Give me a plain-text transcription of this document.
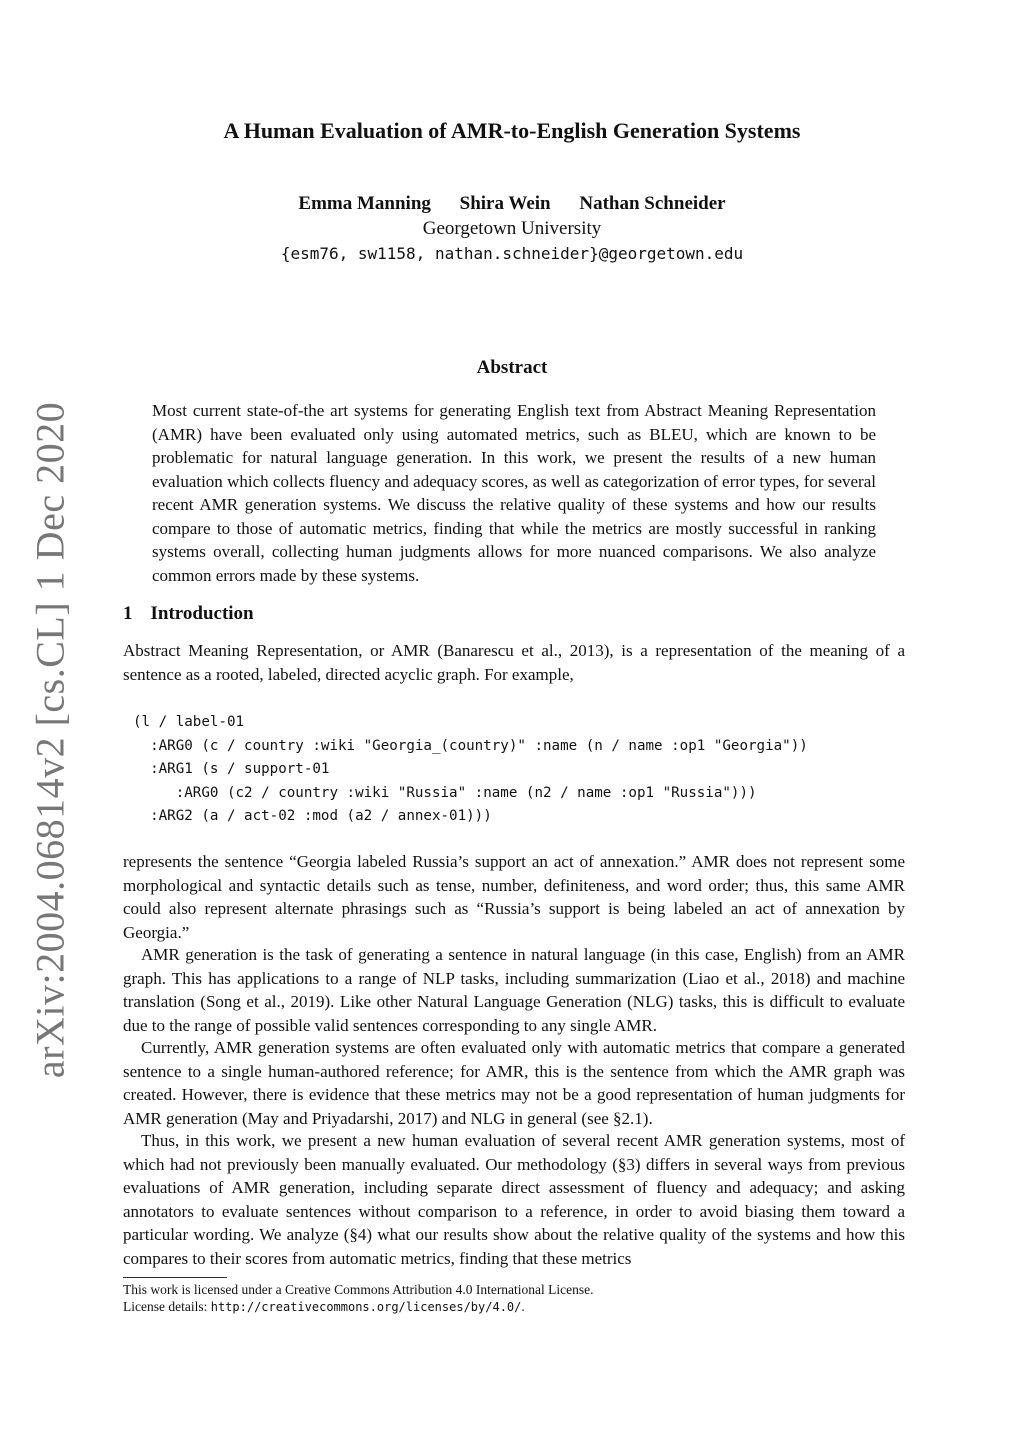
arXiv:2004.06814v2 [cs.CL] 1 Dec 2020
A Human Evaluation of AMR-to-English Generation Systems
Emma Manning Shira Wein Nathan Schneider
Georgetown University
{esm76, sw1158, nathan.schneider}@georgetown.edu
Abstract

Most current state-of-the art systems for generating English text from Abstract Meaning Representation (AMR) have been evaluated only using automated metrics, such as BLEU, which are known to be problematic for natural language generation. In this work, we present the results of a new human evaluation which collects fluency and adequacy scores, as well as categorization of error types, for several recent AMR generation systems. We discuss the relative quality of these systems and how our results compare to those of automatic metrics, finding that while the metrics are mostly successful in ranking systems overall, collecting human judgments allows for more nuanced comparisons. We also analyze common errors made by these systems.

1 Introduction

Abstract Meaning Representation, or AMR (Banarescu et al., 2013), is a representation of the meaning of a sentence as a rooted, labeled, directed acyclic graph. For example,

(l / label-01
:ARG0 (c / country :wiki "Georgia_(country)" :name (n / name :op1 "Georgia"))
:ARG1 (s / support-01
:ARG0 (c2 / country :wiki "Russia" :name (n2 / name :op1 "Russia")))
:ARG2 (a / act-02 :mod (a2 / annex-01)))

represents the sentence “Georgia labeled Russia’s support an act of annexation.” AMR does not represent some morphological and syntactic details such as tense, number, definiteness, and word order; thus, this same AMR could also represent alternate phrasings such as “Russia’s support is being labeled an act of annexation by Georgia.”

AMR generation is the task of generating a sentence in natural language (in this case, English) from an AMR graph. This has applications to a range of NLP tasks, including summarization (Liao et al., 2018) and machine translation (Song et al., 2019). Like other Natural Language Generation (NLG) tasks, this is difficult to evaluate due to the range of possible valid sentences corresponding to any single AMR.

Currently, AMR generation systems are often evaluated only with automatic metrics that compare a generated sentence to a single human-authored reference; for AMR, this is the sentence from which the AMR graph was created. However, there is evidence that these metrics may not be a good representation of human judgments for AMR generation (May and Priyadarshi, 2017) and NLG in general (see §2.1).

Thus, in this work, we present a new human evaluation of several recent AMR generation systems, most of which had not previously been manually evaluated. Our methodology (§3) differs in several ways from previous evaluations of AMR generation, including separate direct assessment of fluency and adequacy; and asking annotators to evaluate sentences without comparison to a reference, in order to avoid biasing them toward a particular wording. We analyze (§4) what our results show about the relative quality of the systems and how this compares to their scores from automatic metrics, finding that these metrics

This work is licensed under a Creative Commons Attribution 4.0 International License.
License details: http://creativecommons.org/licenses/by/4.0/.
